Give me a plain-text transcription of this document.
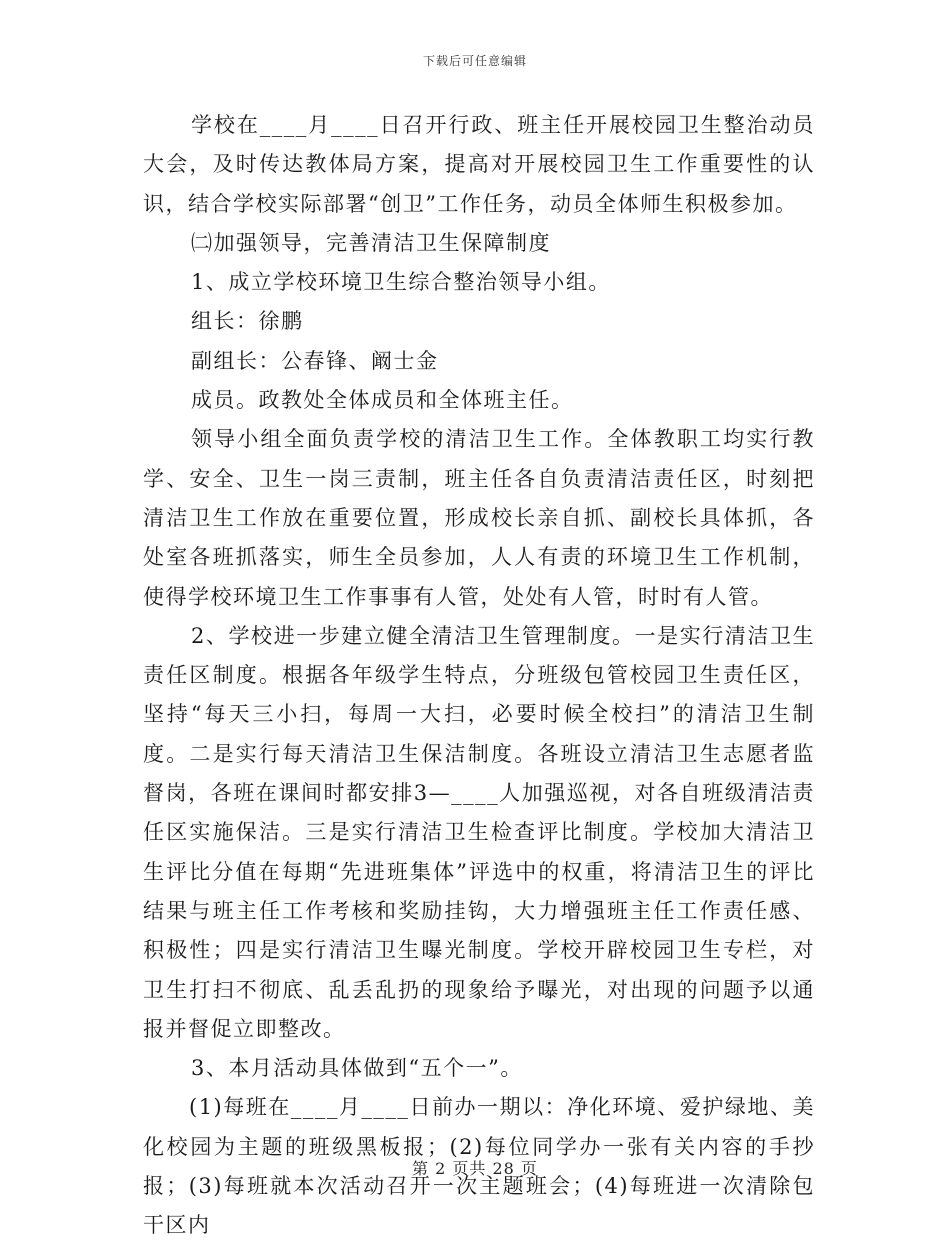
下载后可任意编辑

学校在____月____日召开行政、班主任开展校园卫生整治动员大会，及时传达教体局方案，提高对开展校园卫生工作重要性的认识，结合学校实际部署“创卫”工作任务，动员全体师生积极参加。

㈡加强领导，完善清洁卫生保障制度

1、成立学校环境卫生综合整治领导小组。

组长：徐鹏

副组长：公春锋、阚士金

成员。政教处全体成员和全体班主任。

领导小组全面负责学校的清洁卫生工作。全体教职工均实行教学、安全、卫生一岗三责制，班主任各自负责清洁责任区，时刻把清洁卫生工作放在重要位置，形成校长亲自抓、副校长具体抓，各处室各班抓落实，师生全员参加，人人有责的环境卫生工作机制，使得学校环境卫生工作事事有人管，处处有人管，时时有人管。

2、学校进一步建立健全清洁卫生管理制度。一是实行清洁卫生责任区制度。根据各年级学生特点，分班级包管校园卫生责任区，坚持“每天三小扫，每周一大扫，必要时候全校扫”的清洁卫生制度。二是实行每天清洁卫生保洁制度。各班设立清洁卫生志愿者监督岗，各班在课间时都安排3—____人加强巡视，对各自班级清洁责任区实施保洁。三是实行清洁卫生检查评比制度。学校加大清洁卫生评比分值在每期“先进班集体”评选中的权重，将清洁卫生的评比结果与班主任工作考核和奖励挂钩，大力增强班主任工作责任感、积极性；四是实行清洁卫生曝光制度。学校开辟校园卫生专栏，对卫生打扫不彻底、乱丢乱扔的现象给予曝光，对出现的问题予以通报并督促立即整改。

3、本月活动具体做到“五个一”。

(1)每班在____月____日前办一期以：净化环境、爱护绿地、美化校园为主题的班级黑板报；(2)每位同学办一张有关内容的手抄报；(3)每班就本次活动召开一次主题班会；(4)每班进一次清除包干区内

第 2 页共 28 页
